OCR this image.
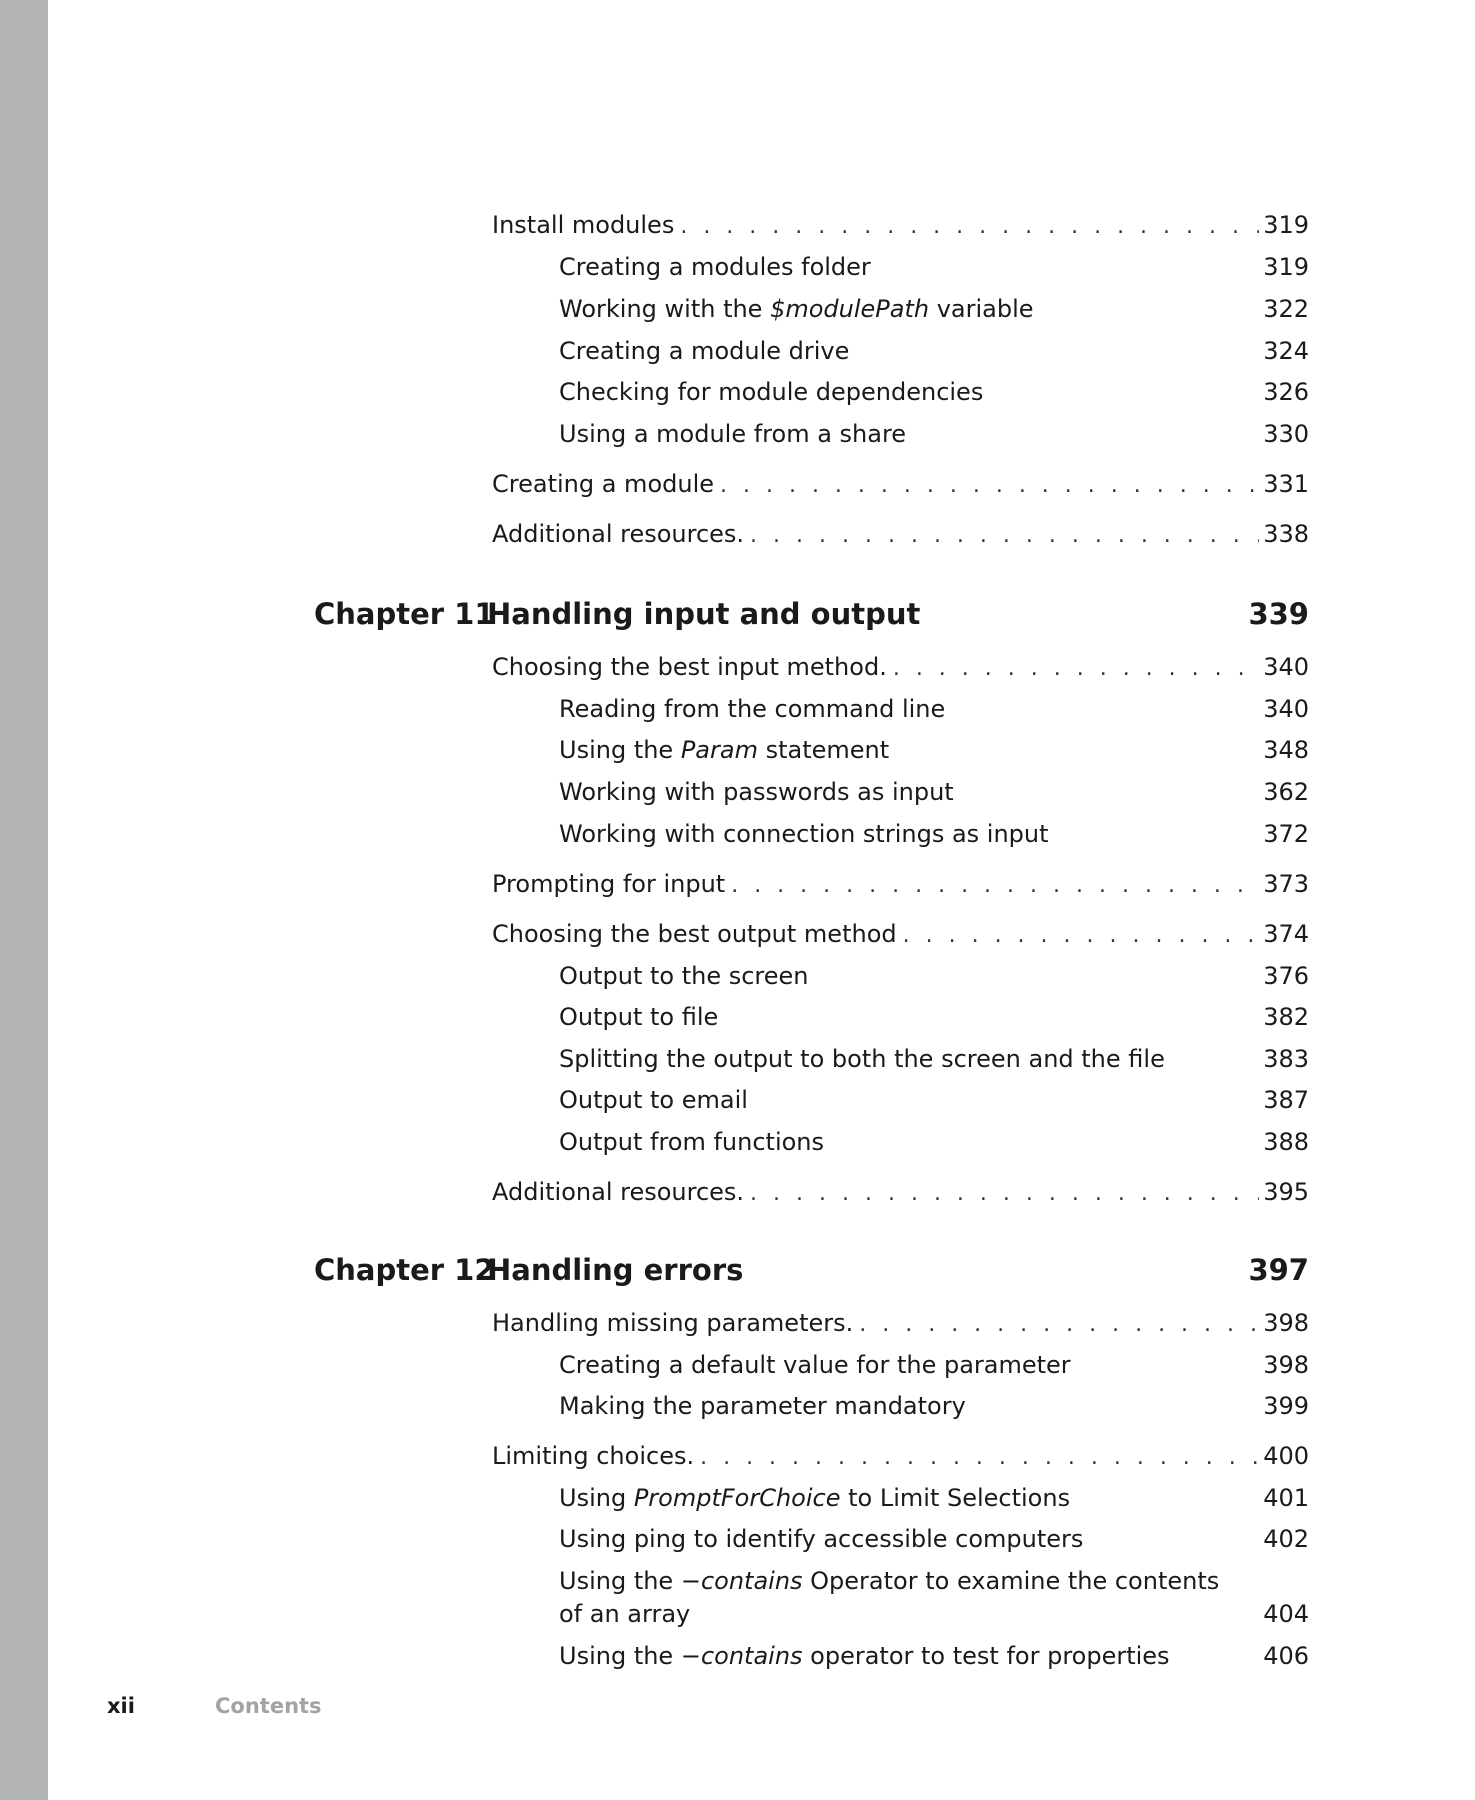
Install modules . . .	319
Creating a modules folder	319
Working with the $modulePath variable	322
Creating a module drive	324
Checking for module dependencies	326
Using a module from a share	330
Creating a module . . .	331
Additional resources. . . .	338
Chapter 11
Handling input and output	339
Choosing the best input method. . . .	340
Reading from the command line	340
Using the Param statement	348
Working with passwords as input	362
Working with connection strings as input	372
Prompting for input . . .	373
Choosing the best output method . . .	374
Output to the screen	376
Output to file	382
Splitting the output to both the screen and the file	383
Output to email	387
Output from functions	388
Additional resources. . . .	395
Chapter 12
Handling errors	397
Handling missing parameters. . . .	398
Creating a default value for the parameter	398
Making the parameter mandatory	399
Limiting choices. . . .	400
Using PromptForChoice to Limit Selections	401
Using ping to identify accessible computers	402
Using the −contains Operator to examine the contents
of an array	404
Using the −contains operator to test for properties	406
xii	Contents
